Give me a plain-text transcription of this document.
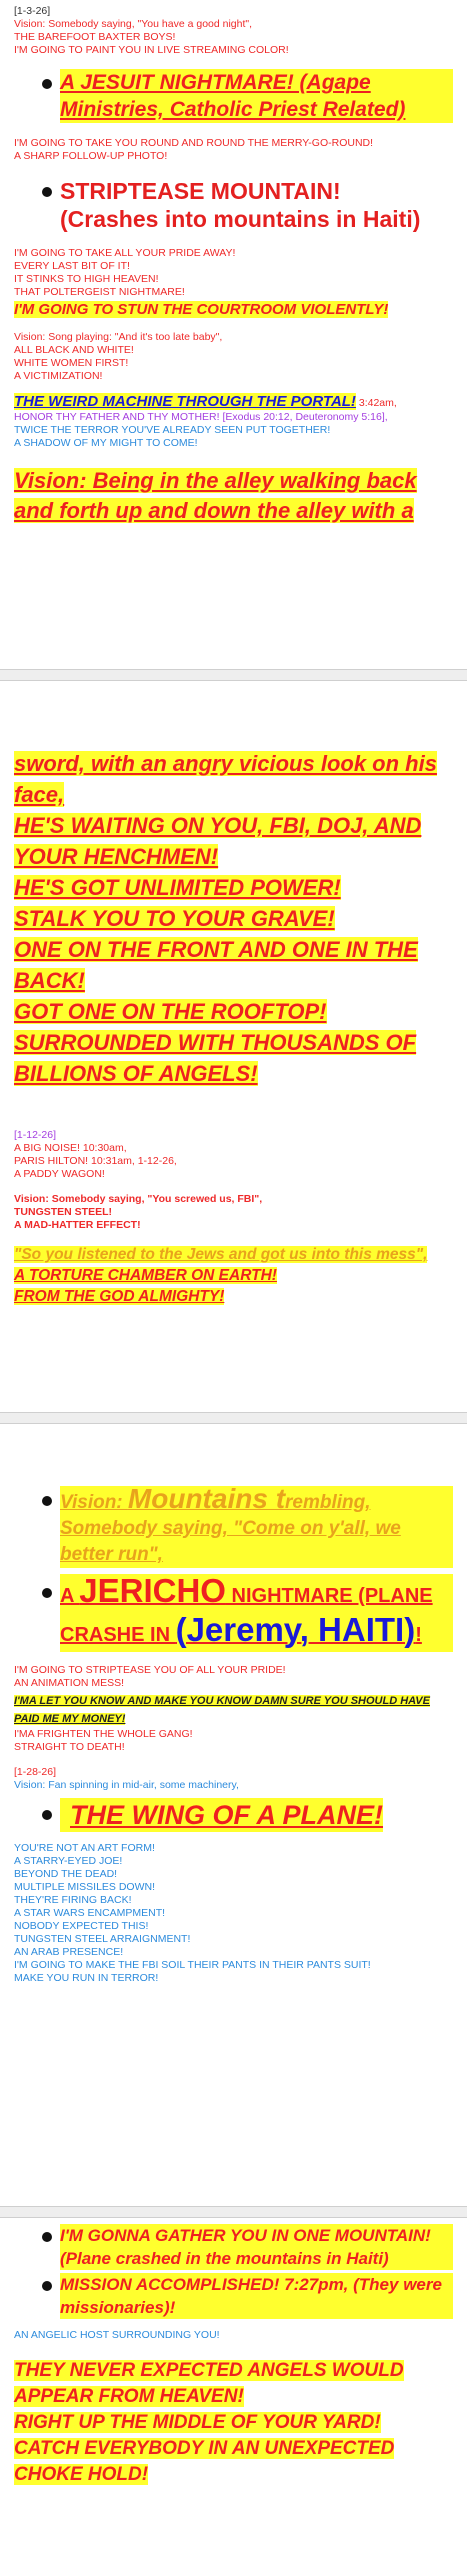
[1-3-26]
Vision: Somebody saying, "You have a good night",
THE BAREFOOT BAXTER BOYS!
I'M GOING TO PAINT YOU IN LIVE STREAMING COLOR!
A JESUIT NIGHTMARE! (Agape Ministries, Catholic Priest Related)
I'M GOING TO TAKE YOU ROUND AND ROUND THE MERRY-GO-ROUND!
A SHARP FOLLOW-UP PHOTO!
STRIPTEASE MOUNTAIN!
(Crashes into mountains in Haiti)
I'M GOING TO TAKE ALL YOUR PRIDE AWAY!
EVERY LAST BIT OF IT!
IT STINKS TO HIGH HEAVEN!
THAT POLTERGEIST NIGHTMARE!
I'M GOING TO STUN THE COURTROOM VIOLENTLY!
Vision: Song playing: "And it's too late baby",
ALL BLACK AND WHITE!
WHITE WOMEN FIRST!
A VICTIMIZATION!
THE WEIRD MACHINE THROUGH THE PORTAL! 3:42am,
HONOR THY FATHER AND THY MOTHER! [Exodus 20:12, Deuteronomy 5:16],
TWICE THE TERROR YOU'VE ALREADY SEEN PUT TOGETHER!
A SHADOW OF MY MIGHT TO COME!
Vision: Being in the alley walking back and forth up and down the alley with a
sword, with an angry vicious look on his face,
HE'S WAITING ON YOU, FBI, DOJ, AND YOUR HENCHMEN!
HE'S GOT UNLIMITED POWER!
STALK YOU TO YOUR GRAVE!
ONE ON THE FRONT AND ONE IN THE BACK!
GOT ONE ON THE ROOFTOP!
SURROUNDED WITH THOUSANDS OF BILLIONS OF ANGELS!
[1-12-26]
A BIG NOISE! 10:30am,
PARIS HILTON! 10:31am, 1-12-26,
A PADDY WAGON!
Vision: Somebody saying, "You screwed us, FBI",
TUNGSTEN STEEL!
A MAD-HATTER EFFECT!
"So you listened to the Jews and got us into this mess",
A TORTURE CHAMBER ON EARTH!
FROM THE GOD ALMIGHTY!
Vision: Mountains trembling, Somebody saying, "Come on y'all, we better run",
A JERICHO NIGHTMARE (PLANE CRASHE IN (Jeremy, HAITI)!
I'M GOING TO STRIPTEASE YOU OF ALL YOUR PRIDE!
AN ANIMATION MESS!
I'MA LET YOU KNOW AND MAKE YOU KNOW DAMN SURE YOU SHOULD HAVE PAID ME MY MONEY!
I'MA FRIGHTEN THE WHOLE GANG!
STRAIGHT TO DEATH!
[1-28-26]
Vision: Fan spinning in mid-air, some machinery,
THE WING OF A PLANE!
YOU'RE NOT AN ART FORM!
A STARRY-EYED JOE!
BEYOND THE DEAD!
MULTIPLE MISSILES DOWN!
THEY'RE FIRING BACK!
A STAR WARS ENCAMPMENT!
NOBODY EXPECTED THIS!
TUNGSTEN STEEL ARRAIGNMENT!
AN ARAB PRESENCE!
I'M GOING TO MAKE THE FBI SOIL THEIR PANTS IN THEIR PANTS SUIT!
MAKE YOU RUN IN TERROR!
I'M GONNA GATHER YOU IN ONE MOUNTAIN! (Plane crashed in the mountains in Haiti)
MISSION ACCOMPLISHED! 7:27pm, (They were missionaries)!
AN ANGELIC HOST SURROUNDING YOU!
THEY NEVER EXPECTED ANGELS WOULD APPEAR FROM HEAVEN!
RIGHT UP THE MIDDLE OF YOUR YARD!
CATCH EVERYBODY IN AN UNEXPECTED CHOKE HOLD!
